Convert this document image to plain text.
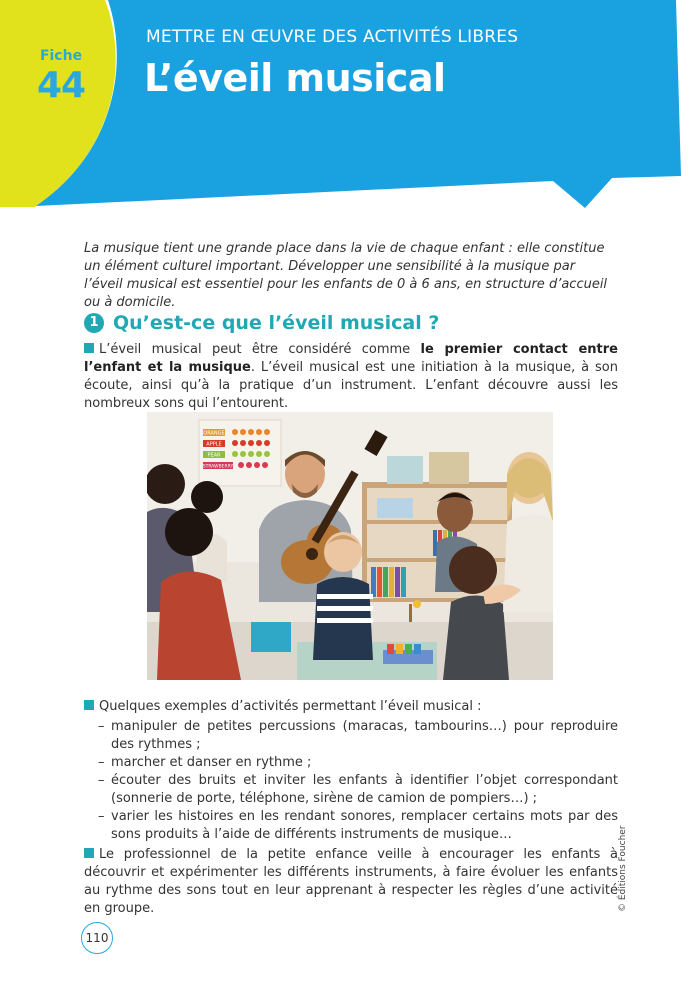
Fiche
44
METTRE EN ŒUVRE DES ACTIVITÉS LIBRES
L’éveil musical
La musique tient une grande place dans la vie de chaque enfant : elle constitue un élément culturel important. Développer une sensibilité à la musique par l’éveil musical est essentiel pour les enfants de 0 à 6 ans, en structure d’accueil ou à domicile.
1 Qu’est-ce que l’éveil musical ?

L’éveil musical peut être considéré comme le premier contact entre l’enfant et la musique. L’éveil musical est une initiation à la musique, à son écoute, ainsi qu’à la pratique d’un instrument. L’enfant découvre aussi les nombreux sons qui l’entourent.

ORANGE
APPLE
PEAR
STRAWBERRY

Quelques exemples d’activités permettant l’éveil musical :

– manipuler de petites percussions (maracas, tambourins…) pour reproduire des rythmes ;
– marcher et danser en rythme ;
– écouter des bruits et inviter les enfants à identifier l’objet correspondant (sonnerie de porte, téléphone, sirène de camion de pompiers…) ;
– varier les histoires en les rendant sonores, remplacer certains mots par des sons produits à l’aide de différents instruments de musique…

Le professionnel de la petite enfance veille à encourager les enfants à découvrir et expérimenter les différents instruments, à faire évoluer les enfants au rythme des sons tout en leur apprenant à respecter les règles d’une activité en groupe.

110
© Éditions Foucher
